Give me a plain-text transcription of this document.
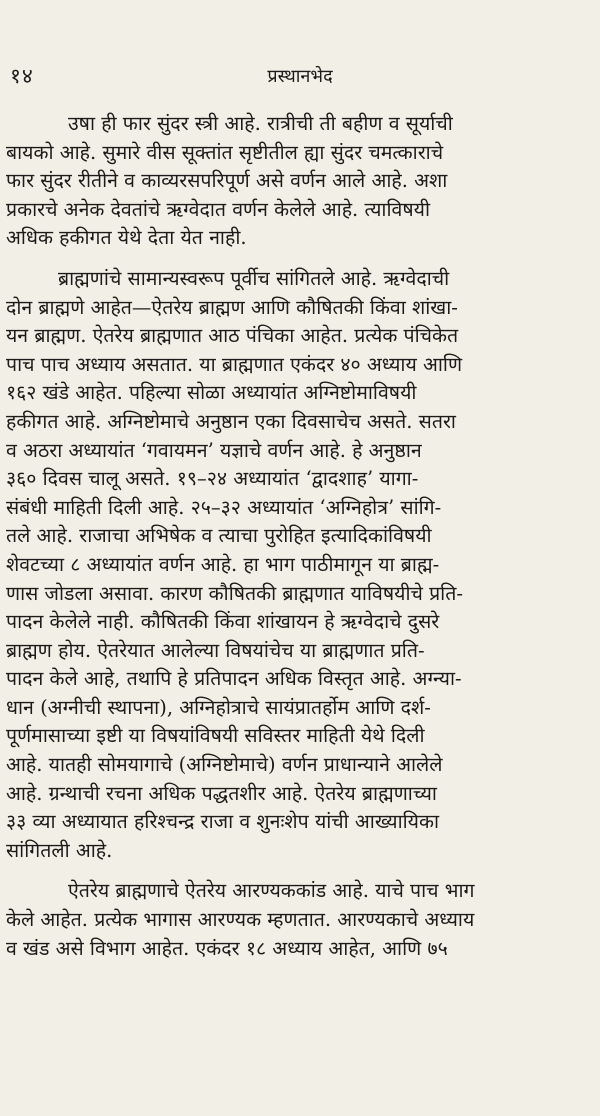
१४	प्रस्थानभेद
उषा ही फार सुंदर स्त्री आहे. रात्रीची ती बहीण व सूर्याची
बायको आहे. सुमारे वीस सूक्तांत सृष्टीतील ह्या सुंदर चमत्काराचे
फार सुंदर रीतीने व काव्यरसपरिपूर्ण असे वर्णन आले आहे. अशा
प्रकारचे अनेक देवतांचे ऋग्वेदात वर्णन केलेले आहे. त्याविषयी
अधिक हकीगत येथे देता येत नाही.
ब्राह्मणांचे सामान्यस्वरूप पूर्वीच सांगितले आहे. ऋग्वेदाची
दोन ब्राह्मणे आहेत—ऐतरेय ब्राह्मण आणि कौषितकी किंवा शांखा-
यन ब्राह्मण. ऐतरेय ब्राह्मणात आठ पंचिका आहेत. प्रत्येक पंचिकेत
पाच पाच अध्याय असतात. या ब्राह्मणात एकंदर ४० अध्याय आणि
१६२ खंडे आहेत. पहिल्या सोळा अध्यायांत अग्निष्टोमाविषयी
हकीगत आहे. अग्निष्टोमाचे अनुष्ठान एका दिवसाचेच असते. सतरा
व अठरा अध्यायांत ‘गवायमन’ यज्ञाचे वर्णन आहे. हे अनुष्ठान
३६० दिवस चालू असते. १९–२४ अध्यायांत ‘द्वादशाह’ यागा-
संबंधी माहिती दिली आहे. २५–३२ अध्यायांत ‘अग्निहोत्र’ सांगि-
तले आहे. राजाचा अभिषेक व त्याचा पुरोहित इत्यादिकांविषयी
शेवटच्या ८ अध्यायांत वर्णन आहे. हा भाग पाठीमागून या ब्राह्म-
णास जोडला असावा. कारण कौषितकी ब्राह्मणात याविषयीचे प्रति-
पादन केलेले नाही. कौषितकी किंवा शांखायन हे ऋग्वेदाचे दुसरे
ब्राह्मण होय. ऐतरेयात आलेल्या विषयांचेच या ब्राह्मणात प्रति-
पादन केले आहे, तथापि हे प्रतिपादन अधिक विस्तृत आहे. अग्न्या-
धान (अग्नीची स्थापना), अग्निहोत्राचे सायंप्रातर्होम आणि दर्श-
पूर्णमासाच्या इष्टी या विषयांविषयी सविस्तर माहिती येथे दिली
आहे. यातही सोमयागाचे (अग्निष्टोमाचे) वर्णन प्राधान्याने आलेले
आहे. ग्रन्थाची रचना अधिक पद्धतशीर आहे. ऐतरेय ब्राह्मणाच्या
३३ व्या अध्यायात हरिश्चन्द्र राजा व शुनःशेप यांची आख्यायिका
सांगितली आहे.
ऐतरेय ब्राह्मणाचे ऐतरेय आरण्यककांड आहे. याचे पाच भाग
केले आहेत. प्रत्येक भागास आरण्यक म्हणतात. आरण्यकाचे अध्याय
व खंड असे विभाग आहेत. एकंदर १८ अध्याय आहेत, आणि ७५
